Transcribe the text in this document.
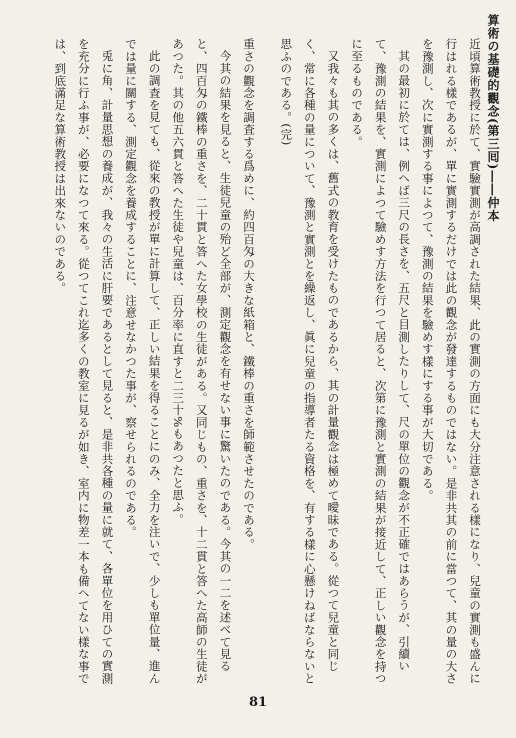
算術の基礎的觀念(第三囘)――仲本

近頃算術教授に於て、實驗實測が高調された結果、此の實測の方面にも大分注意される樣になり、兒童の實測も盛んに行はれる樣であるが、單に實測するだけでは此の觀念が發達するものではない。是非共其の前に當つて、其の量の大さを豫測し、次に實測する事によつて、豫測の結果を驗めす樣にする事が大切である。

其の最初に於ては、例へば三尺の長さを、五尺と目測したりして、尺の單位の觀念が不正確ではあらうが、引續いて、豫測の結果を、實測によつて驗めす方法を行つて居ると、次第に豫測と實測の結果が接近して、正しい觀念を持つに至るものである。

又我々も其の多くは、舊式の教育を受けたものであるから、其の計量觀念は極めて曖昧である。從つて兒童と同じく、常に各種の量について、豫測と實測とを繰返し、眞に兒童の指導者たる資格を、有する樣に心懸けねばならないと思ふのである。(完)

重さの觀念を調査する爲めに、約四百匁の大きな紙箱と、鐵棒の重さを師範させたのである。

今其の結果を見ると、生徒兒童の殆ど全部が、測定觀念を有せない事に驚いたのである。今其の一二を述べて見ると、四百匁の鐵棒の重さを、二十貫と答へた女學校の生徒がある。又同じもの、重さを、十二貫と答へた高師の生徒があつた。其の他五六貫と答へた生徒や兒童は、百分率に直すと二三十%もあつたと思ふ。

此の調査を見ても、從來の教授が單に計算して、正しい結果を得ることにのみ、全力を注いで、少しも單位量、進んでは量に關する、測定觀念を養成することに、注意せなかつた事が、察せられるのである。

兎に角、計量思想の養成が、我々の生活に肝要であるとして見ると、是非共各種の量に就て、各單位を用ひての實測を充分に行ふ事が、必要になつて來る。從つてこれ迄多くの教室に見るが如き、室内に物差一本も備へてない樣な事では、到底滿足な算術教授は出來ないのである。

81
